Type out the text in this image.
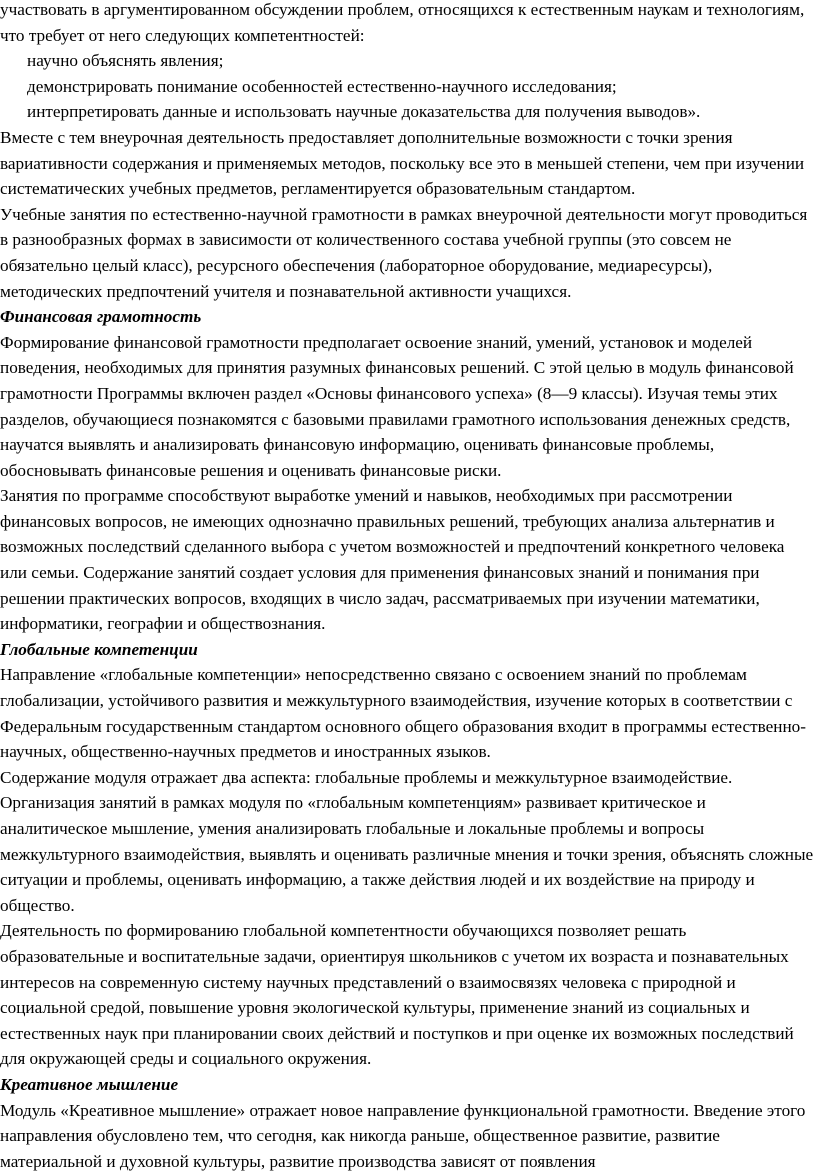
участвовать в аргументированном обсуждении проблем, относящихся к естественным наукам и технологиям, что требует от него следующих компетентностей:

научно объяснять явления;

демонстрировать понимание особенностей естественно-научного исследования;

интерпретировать данные и использовать научные доказательства для получения выводов».

Вместе с тем внеурочная деятельность предоставляет дополнительные возможности с точки зрения вариативности содержания и применяемых методов, поскольку все это в меньшей степени, чем при изучении систематических учебных предметов, регламентируется образовательным стандартом.

Учебные занятия по естественно-научной грамотности в рамках внеурочной деятельности могут проводиться в разнообразных формах в зависимости от количественного состава учебной группы (это совсем не обязательно целый класс), ресурсного обеспечения (лабораторное оборудование, медиаресурсы), методических предпочтений учителя и познавательной активности учащихся.

Финансовая грамотность

Формирование финансовой грамотности предполагает освоение знаний, умений, установок и моделей поведения, необходимых для принятия разумных финансовых решений. С этой целью в модуль финансовой грамотности Программы включен раздел «Основы финансового успеха» (8—9 классы). Изучая темы этих разделов, обучающиеся познакомятся с базовыми правилами грамотного использования денежных средств, научатся выявлять и анализировать финансовую информацию, оценивать финансовые проблемы, обосновывать финансовые решения и оценивать финансовые риски.

Занятия по программе способствуют выработке умений и навыков, необходимых при рассмотрении финансовых вопросов, не имеющих однозначно правильных решений, требующих анализа альтернатив и возможных последствий сделанного выбора с учетом возможностей и предпочтений конкретного человека или семьи. Содержание занятий создает условия для применения финансовых знаний и понимания при решении практических вопросов, входящих в число задач, рассматриваемых при изучении математики, информатики, географии и обществознания.

Глобальные компетенции

Направление «глобальные компетенции» непосредственно связано с освоением знаний по проблемам глобализации, устойчивого развития и межкультурного взаимодействия, изучение которых в соответствии с Федеральным государственным стандартом основного общего образования входит в программы естественно-научных, общественно-научных предметов и иностранных языков.

Содержание модуля отражает два аспекта: глобальные проблемы и межкультурное взаимодействие. Организация занятий в рамках модуля по «глобальным компетенциям» развивает критическое и аналитическое мышление, умения анализировать глобальные и локальные проблемы и вопросы межкультурного взаимодействия, выявлять и оценивать различные мнения и точки зрения, объяснять сложные ситуации и проблемы, оценивать информацию, а также действия людей и их воздействие на природу и общество.

Деятельность по формированию глобальной компетентности обучающихся позволяет решать образовательные и воспитательные задачи, ориентируя школьников с учетом их возраста и познавательных интересов на современную систему научных представлений о взаимосвязях человека с природной и социальной средой, повышение уровня экологической культуры, применение знаний из социальных и естественных наук при планировании своих действий и поступков и при оценке их возможных последствий для окружающей среды и социального окружения.

Креативное мышление

Модуль «Креативное мышление» отражает новое направление функциональной грамотности. Введение этого направления обусловлено тем, что сегодня, как никогда раньше, общественное развитие, развитие материальной и духовной культуры, развитие производства зависят от появления
